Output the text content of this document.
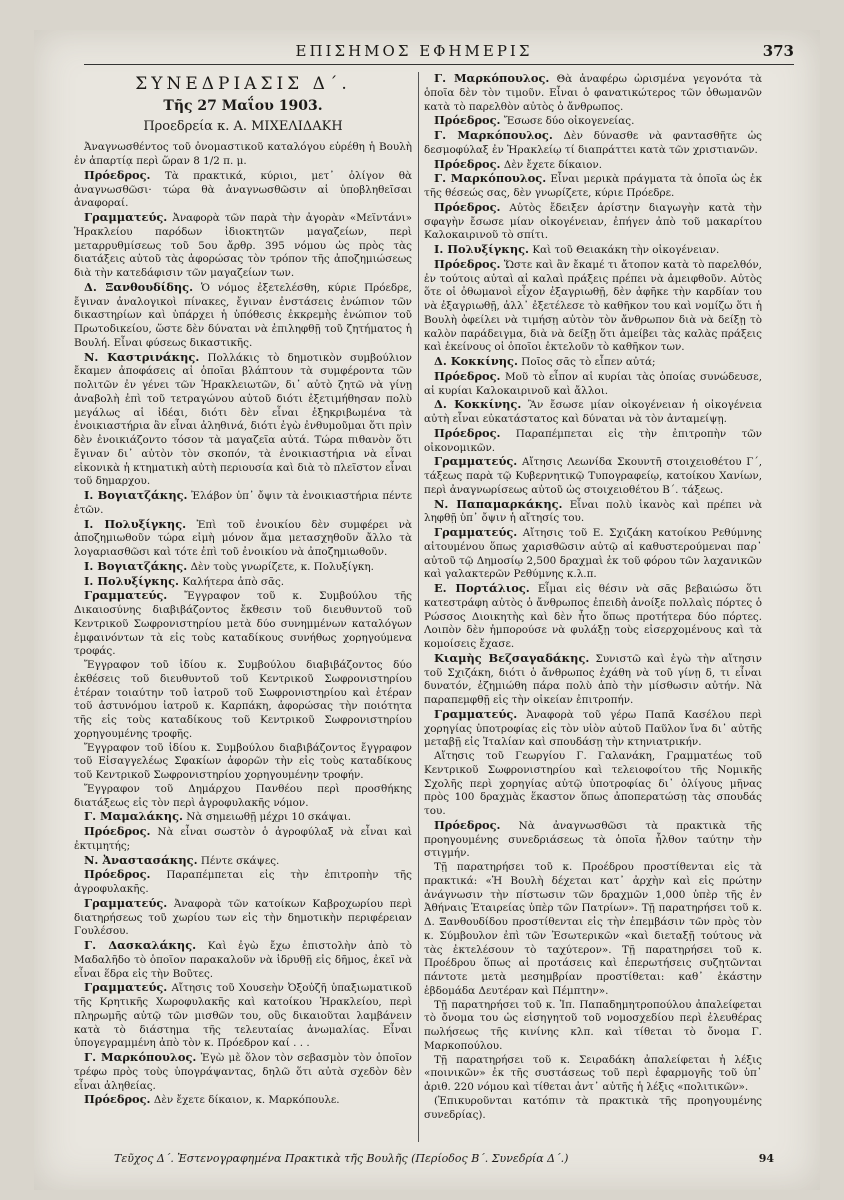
ΕΠΙΣΗΜΟΣ ΕΦΗΜΕΡΙΣ	373
ΣΥΝΕΔΡΙΑΣΙΣ Δ΄.
Τῆς 27 Μαΐου 1903.
Προεδρεία κ. Α. ΜΙΧΕΛΙΔΑΚΗ

Ἀναγνωσθέντος τοῦ ὀνομαστικοῦ καταλόγου εὑρέθη ἡ Βουλὴ ἐν ἀπαρτίᾳ περὶ ὥραν 8 1/2 π. μ.

Πρόεδρος. Τὰ πρακτικά, κύριοι, μετ᾽ ὀλίγον θὰ ἀναγνωσθῶσι· τώρα θὰ ἀναγνωσθῶσιν αἱ ὑποβληθεῖσαι ἀναφοραί.

Γραμματεύς. Ἀναφορὰ τῶν παρὰ τὴν ἀγορὰν «Μεϊντάνι» Ἡρακλείου παρόδων ἰδιοκτητῶν μαγαζείων, περὶ μεταρρυθμίσεως τοῦ 5ου ἄρθρ. 395 νόμου ὡς πρὸς τὰς διατάξεις αὐτοῦ τὰς ἀφορώσας τὸν τρόπον τῆς ἀποζημιώσεως διὰ τὴν κατεδάφισιν τῶν μαγαζείων των.

Δ. Ξανθουδίδης. Ὁ νόμος ἐξετελέσθη, κύριε Πρόεδρε, ἔγιναν ἀναλογικοὶ πίνακες, ἔγιναν ἐνστάσεις ἐνώπιον τῶν δικαστηρίων καὶ ὑπάρχει ἡ ὑπόθεσις ἐκκρεμὴς ἐνώπιον τοῦ Πρωτοδικείου, ὥστε δὲν δύναται νὰ ἐπιληφθῇ τοῦ ζητήματος ἡ Βουλή. Εἶναι φύσεως δικαστικῆς.

Ν. Καστρινάκης. Πολλάκις τὸ δημοτικὸν συμβούλιον ἔκαμεν ἀποφάσεις αἱ ὁποῖαι βλάπτουν τὰ συμφέροντα τῶν πολιτῶν ἐν γένει τῶν Ἡρακλειωτῶν, δι᾽ αὐτὸ ζητῶ νὰ γίνῃ ἀναβολὴ ἐπὶ τοῦ τετραγώνου αὐτοῦ διότι ἐξετιμήθησαν πολὺ μεγάλως αἱ ἰδέαι, διότι δὲν εἶναι ἐξηκριβωμένα τὰ ἐνοικιαστήρια ἂν εἶναι ἀληθινά, διότι ἐγὼ ἐνθυμοῦμαι ὅτι πρὶν δὲν ἐνοικιάζοντο τόσον τὰ μαγαζεῖα αὐτά. Τώρα πιθανὸν ὅτι ἔγιναν δι᾽ αὐτὸν τὸν σκοπόν, τὰ ἐνοικιαστήρια νὰ εἶναι εἰκονικὰ ἡ κτηματικὴ αὐτὴ περιουσία καὶ διὰ τὸ πλεῖστον εἶναι τοῦ δημαρχου.

Ι. Βογιατζάκης. Ἐλάβον ὑπ᾽ ὄψιν τὰ ἐνοικιαστήρια πέντε ἐτῶν.

Ι. Πολυξίγκης. Ἐπὶ τοῦ ἐνοικίου δὲν συμφέρει νὰ ἀποζημιωθοῦν τώρα εἰμὴ μόνον ἅμα μετασχηθοῦν ἄλλο τὰ λογαριασθῶσι καὶ τότε ἐπὶ τοῦ ἐνοικίου νὰ ἀποζημιωθοῦν.

Ι. Βογιατζάκης. Δὲν τοὺς γνωρίζετε, κ. Πολυξίγκη.

Ι. Πολυξίγκης. Καλήτερα ἀπὸ σᾶς.

Γραμματεύς. Ἔγγραφον τοῦ κ. Συμβούλου τῆς Δικαιοσύνης διαβιβάζοντος ἔκθεσιν τοῦ διευθυντοῦ τοῦ Κεντρικοῦ Σωφρονιστηρίου μετὰ δύο συνημμένων καταλόγων ἐμφαινόντων τὰ εἰς τοὺς καταδίκους συνήθως χορηγούμενα τροφάς.

Ἔγγραφον τοῦ ἰδίου κ. Συμβούλου διαβιβάζοντος δύο ἐκθέσεις τοῦ διευθυντοῦ τοῦ Κεντρικοῦ Σωφρονιστηρίου ἑτέραν τοιαύτην τοῦ ἰατροῦ τοῦ Σωφρονιστηρίου καὶ ἑτέραν τοῦ ἀστυνόμου ἰατροῦ κ. Καρπάκη, ἀφορώσας τὴν ποιότητα τῆς εἰς τοὺς καταδίκους τοῦ Κεντρικοῦ Σωφρονιστηρίου χορηγουμένης τροφῆς.

Ἔγγραφον τοῦ ἰδίου κ. Συμβούλου διαβιβάζοντος ἔγγραφον τοῦ Εἰσαγγελέως Σφακίων ἀφορῶν τὴν εἰς τοὺς καταδίκους τοῦ Κεντρικοῦ Σωφρονιστηρίου χορηγουμένην τροφήν.

Ἔγγραφον τοῦ Δημάρχου Πανθέου περὶ προσθήκης διατάξεως εἰς τὸν περὶ ἀγροφυλακῆς νόμον.

Γ. Μαμαλάκης. Νὰ σημειωθῇ μέχρι 10 σκάψαι.

Πρόεδρος. Νὰ εἶναι σωστὸν ὁ ἀγροφύλαξ νὰ εἶναι καὶ ἐκτιμητής;

Ν. Ἀναστασάκης. Πέντε σκάψες.

Πρόεδρος. Παραπέμπεται εἰς τὴν ἐπιτροπὴν τῆς ἀγροφυλακῆς.

Γραμματεύς. Ἀναφορὰ τῶν κατοίκων Καβροχωρίου περὶ διατηρήσεως τοῦ χωρίου των εἰς τὴν δημοτικὴν περιφέρειαν Γουλέσου.

Γ. Δασκαλάκης. Καὶ ἐγὼ ἔχω ἐπιστολὴν ἀπὸ τὸ Μαδαλῆδο τὸ ὁποῖον παρακαλοῦν νὰ ἱδρυθῇ εἰς δῆμος, ἐκεῖ νὰ εἶναι ἕδρα εἰς τὴν Βοῦτες.

Γραμματεύς. Αἴτησις τοῦ Χουσεὴν Ὀξοὐζῆ ὑπαξιωματικοῦ τῆς Κρητικῆς Χωροφυλακῆς καὶ κατοίκου Ἡρακλείου, περὶ πληρωμῆς αὐτῷ τῶν μισθῶν του, οὓς δικαιοῦται λαμβάνειν κατὰ τὸ διάστημα τῆς τελευταίας ἀνωμαλίας. Εἶναι ὑπογεγραμμένη ἀπὸ τὸν κ. Πρόεδρον καί . . .

Γ. Μαρκόπουλος. Ἐγὼ μὲ ὅλον τὸν σεβασμὸν τὸν ὁποῖον τρέφω πρὸς τοὺς ὑπογράψαντας, δηλῶ ὅτι αὐτὰ σχεδὸν δὲν εἶναι ἀληθείας.

Πρόεδρος. Δὲν ἔχετε δίκαιον, κ. Μαρκόπουλε.

Γ. Μαρκόπουλος. Θὰ ἀναφέρω ὡρισμένα γεγονότα τὰ ὁποῖα δὲν τὸν τιμοῦν. Εἶναι ὁ φανατικώτερος τῶν ὀθωμανῶν κατὰ τὸ παρελθὸν αὐτὸς ὁ ἄνθρωπος.

Πρόεδρος. Ἔσωσε δύο οἰκογενείας.

Γ. Μαρκόπουλος. Δὲν δύνασθε νὰ φαντασθῆτε ὡς δεσμοφύλαξ ἐν Ἡρακλείῳ τί διαπράττει κατὰ τῶν χριστιανῶν.

Πρόεδρος. Δὲν ἔχετε δίκαιον.

Γ. Μαρκόπουλος. Εἶναι μερικὰ πράγματα τὰ ὁποῖα ὡς ἐκ τῆς θέσεώς σας, δὲν γνωρίζετε, κύριε Πρόεδρε.

Πρόεδρος. Αὐτὸς ἔδειξεν ἀρίστην διαγωγὴν κατὰ τὴν σφαγὴν ἔσωσε μίαν οἰκογένειαν, ἐπήγεν ἀπὸ τοῦ μακαρίτου Καλοκαιρινοῦ τὸ σπίτι.

Ι. Πολυξίγκης. Καὶ τοῦ Θειακάκη τὴν οἰκογένειαν.

Πρόεδρος. Ὥστε καὶ ἂν ἔκαμέ τι ἄτοπον κατὰ τὸ παρελθόν, ἐν τούτοις αὐταὶ αἱ καλαὶ πράξεις πρέπει νὰ ἀμειφθοῦν. Αὐτὸς ὅτε οἱ ὀθωμανοὶ εἶχον ἐξαγριωθῇ, δὲν ἀφῆκε τὴν καρδίαν του νὰ ἐξαγριωθῇ, ἀλλ᾽ ἐξετέλεσε τὸ καθῆκον του καὶ νομίζω ὅτι ἡ Βουλὴ ὀφείλει νὰ τιμήσῃ αὐτὸν τὸν ἄνθρωπον διὰ νὰ δείξῃ τὸ καλὸν παράδειγμα, διὰ νὰ δείξῃ ὅτι ἀμείβει τὰς καλὰς πράξεις καὶ ἐκείνους οἱ ὁποῖοι ἐκτελοῦν τὸ καθῆκον των.

Δ. Κοκκίνης. Ποῖος σᾶς τὸ εἶπεν αὐτά;

Πρόεδρος. Μοῦ τὸ εἶπον αἱ κυρίαι τὰς ὁποίας συνώδευσε, αἱ κυρίαι Καλοκαιρινοῦ καὶ ἄλλοι.

Δ. Κοκκίνης. Ἂν ἔσωσε μίαν οἰκογένειαν ἡ οἰκογένεια αὐτὴ εἶναι εὐκατάστατος καὶ δύναται νὰ τὸν ἀνταμείψῃ.

Πρόεδρος. Παραπέμπεται εἰς τὴν ἐπιτροπὴν τῶν οἰκονομικῶν.

Γραμματεύς. Αἴτησις Λεωνίδα Σκουντῆ στοιχειοθέτου Γ΄, τάξεως παρὰ τῷ Κυβερνητικῷ Τυπογραφείῳ, κατοίκου Χανίων, περὶ ἀναγνωρίσεως αὐτοῦ ὡς στοιχειοθέτου Β΄. τάξεως.

Ν. Παπαμαρκάκης. Εἶναι πολὺ ἱκανὸς καὶ πρέπει νὰ ληφθῇ ὑπ᾽ ὄψιν ἡ αἴτησίς του.

Γραμματεύς. Αἴτησις τοῦ Ε. Σχιζάκη κατοίκου Ρεθύμνης αἰτουμένου ὅπως χαρισθῶσιν αὐτῷ αἱ καθυστερούμεναι παρ᾽ αὐτοῦ τῷ Δημοσίῳ 2,500 δραχμαὶ ἐκ τοῦ φόρου τῶν λαχανικῶν καὶ γαλακτερῶν Ρεθύμνης κ.λ.π.

Ε. Πορτάλιος. Εἶμαι εἰς θέσιν νὰ σᾶς βεβαιώσω ὅτι κατεστράφη αὐτὸς ὁ ἄνθρωπος ἐπειδὴ ἀνοίξε πολλαὶς πόρτες ὁ Ρώσσος Διοικητὴς καὶ δὲν ἦτο ὅπως προτήτερα δύο πόρτες. Λοιπὸν δὲν ἠμπορούσε νὰ φυλάξῃ τοὺς εἰσερχομένους καὶ τὰ κομοίσεις ἔχασε.

Κιαμὴς Βεζσαγαδάκης. Συνιστῶ καὶ ἐγὼ τὴν αἴτησιν τοῦ Σχιζάκη, διότι ὁ ἄνθρωπος ἐχάθη νὰ τοῦ γίνῃ δ, τι εἶναι δυνατόν, ἐζημιώθη πάρα πολὺ ἀπὸ τὴν μίσθωσιν αὐτήν. Νὰ παραπεμφθῇ εἰς τὴν οἰκείαν ἐπιτροπήν.

Γραμματεύς. Ἀναφορὰ τοῦ γέρω Παπᾶ Κασέλου περὶ χορηγίας ὑποτροφίας εἰς τὸν υἱὸν αὐτοῦ Παῦλον ἵνα δι᾽ αὐτῆς μεταβῇ εἰς Ἰταλίαν καὶ σπουδάσῃ τὴν κτηνιατρικήν.

Αἴτησις τοῦ Γεωργίου Γ. Γαλανάκη, Γραμματέως τοῦ Κεντρικοῦ Σωφρονιστηρίου καὶ τελειοφοίτου τῆς Νομικῆς Σχολῆς περὶ χορηγίας αὐτῷ ὑποτροφίας δι᾽ ὀλίγους μῆνας πρὸς 100 δραχμὰς ἕκαστον ὅπως ἀποπερατώσῃ τὰς σπουδάς του.

Πρόεδρος. Νὰ ἀναγνωσθῶσι τὰ πρακτικὰ τῆς προηγουμένης συνεδριάσεως τὰ ὁποῖα ἦλθον ταύτην τὴν στιγμήν.

Τῇ παρατηρήσει τοῦ κ. Προέδρου προστίθενται εἰς τὰ πρακτικά: «Ἡ Βουλὴ δέχεται κατ᾽ ἀρχὴν καὶ εἰς πρώτην ἀνάγνωσιν τὴν πίστωσιν τῶν δραχμῶν 1,000 ὑπὲρ τῆς ἐν Ἀθήναις Ἑταιρείας ὑπὲρ τῶν Πατρίων». Τῇ παρατηρήσει τοῦ κ. Δ. Ξανθουδίδου προστίθενται εἰς τὴν ἐπεμβάσιν τῶν πρὸς τὸν κ. Σύμβουλον ἐπὶ τῶν Ἐσωτερικῶν «καὶ διεταξῇ τούτους νὰ τὰς ἐκτελέσουν τὸ ταχύτερον». Τῇ παρατηρήσει τοῦ κ. Προέδρου ὅπως αἱ προτάσεις καὶ ἐπερωτήσεις συζητῶνται πάντοτε μετὰ μεσημβρίαν προστίθεται: καθ᾽ ἑκάστην ἑβδομάδα Δευτέραν καὶ Πέμπτην».

Τῇ παρατηρήσει τοῦ κ. Ἱπ. Παπαδημητροπούλου ἀπαλείφεται τὸ ὄνομα του ὡς εἰσηγητοῦ τοῦ νομοσχεδίου περὶ ἐλευθέρας πωλήσεως τῆς κινίνης κλπ. καὶ τίθεται τὸ ὄνομα Γ. Μαρκοπούλου.

Τῇ παρατηρήσει τοῦ κ. Σειραδάκη ἀπαλείφεται ἡ λέξις «ποινικῶν» ἐκ τῆς συστάσεως τοῦ περὶ ἐφαρμογῆς τοῦ ὑπ᾽ ἀριθ. 220 νόμου καὶ τίθεται ἀντ᾽ αὐτῆς ἡ λέξις «πολιτικῶν».

(Ἐπικυροῦνται κατόπιν τὰ πρακτικὰ τῆς προηγουμένης συνεδρίας).

Τεῦχος Δ΄. Ἐστενογραφημένα Πρακτικὰ τῆς Βουλῆς (Περίοδος Β΄. Συνεδρία Δ΄.)	94
